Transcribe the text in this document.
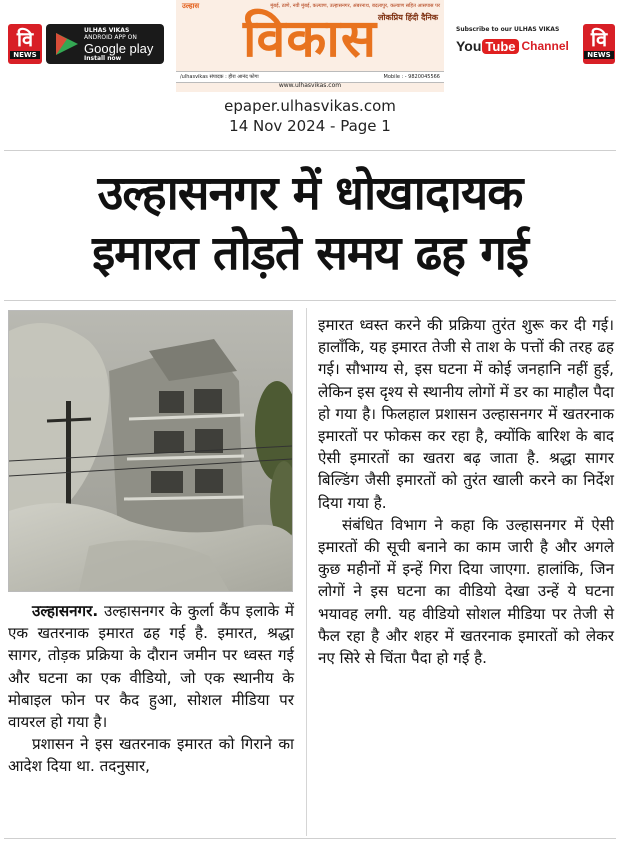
वि
NEWS
ULHAS VIKAS
ANDROID APP ON
Google play
Install now
उल्हास	मुंबई, ठाणे, नवी मुंबई, कल्याण, उल्हासनगर, अंबरनाथ, बदलापुर, कल्याण सहित आसपास पर
विकास लोकप्रिय हिंदी दैनिक
/ulhasvikas संपादक : हीरा आनंद फोगा	Mobile : - 9820045566
www.ulhasvikas.com
Subscribe to our ULHAS VIKAS
You Tube Channel वि
NEWS
epaper.ulhasvikas.com
14 Nov 2024 - Page 1
उल्हासनगर में धोखादायक
इमारत तोड़ते समय ढह गई

उल्हासनगर. उल्हासनगर के कुर्ला कैंप इलाके में एक खतरनाक इमारत ढह गई है. इमारत, श्रद्धा सागर, तोड़क प्रक्रिया के दौरान जमीन पर ध्वस्त गई और घटना का एक वीडियो, जो एक स्थानीय के मोबाइल फोन पर कैद हुआ, सोशल मीडिया पर वायरल हो गया है।

प्रशासन ने इस खतरनाक इमारत को गिराने का आदेश दिया था. तदनुसार,

इमारत ध्वस्त करने की प्रक्रिया तुरंत शुरू कर दी गई। हालाँकि, यह इमारत तेजी से ताश के पत्तों की तरह ढह गई। सौभाग्य से, इस घटना में कोई जनहानि नहीं हुई, लेकिन इस दृश्य से स्थानीय लोगों में डर का माहौल पैदा हो गया है। फिलहाल प्रशासन उल्हासनगर में खतरनाक इमारतों पर फोकस कर रहा है, क्योंकि बारिश के बाद ऐसी इमारतों का खतरा बढ़ जाता है. श्रद्धा सागर बिल्डिंग जैसी इमारतों को तुरंत खाली करने का निर्देश दिया गया है.

संबंधित विभाग ने कहा कि उल्हासनगर में ऐसी इमारतों की सूची बनाने का काम जारी है और अगले कुछ महीनों में इन्हें गिरा दिया जाएगा. हालांकि, जिन लोगों ने इस घटना का वीडियो देखा उन्हें ये घटना भयावह लगी. यह वीडियो सोशल मीडिया पर तेजी से फैल रहा है और शहर में खतरनाक इमारतों को लेकर नए सिरे से चिंता पैदा हो गई है.
